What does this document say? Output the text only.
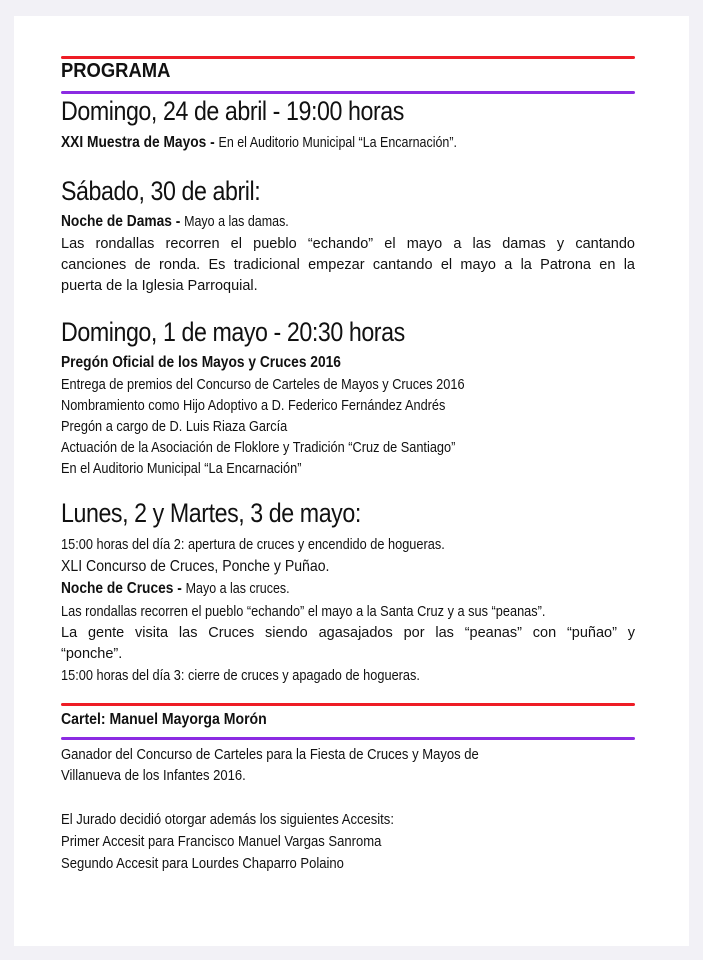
PROGRAMA
Domingo, 24 de abril - 19:00 horas
XXI Muestra de Mayos - En el Auditorio Municipal “La Encarnación”.
Sábado, 30 de abril:
Noche de Damas - Mayo a las damas.
Las rondallas recorren el pueblo “echando” el mayo a las damas y cantando
canciones de ronda. Es tradicional empezar cantando el mayo a la Patrona en la
puerta de la Iglesia Parroquial.
Domingo, 1 de mayo - 20:30 horas
Pregón Oficial de los Mayos y Cruces 2016
Entrega de premios del Concurso de Carteles de Mayos y Cruces 2016
Nombramiento como Hijo Adoptivo a D. Federico Fernández Andrés
Pregón a cargo de D. Luis Riaza García
Actuación de la Asociación de Floklore y Tradición “Cruz de Santiago”
En el Auditorio Municipal “La Encarnación”
Lunes, 2 y Martes, 3 de mayo:
15:00 horas del día 2: apertura de cruces y encendido de hogueras.
XLI Concurso de Cruces, Ponche y Puñao.
Noche de Cruces - Mayo a las cruces.
Las rondallas recorren el pueblo “echando” el mayo a la Santa Cruz y a sus “peanas”.
La gente visita las Cruces siendo agasajados por las “peanas” con “puñao” y
“ponche”.
15:00 horas del día 3: cierre de cruces y apagado de hogueras.
Cartel: Manuel Mayorga Morón
Ganador del Concurso de Carteles para la Fiesta de Cruces y Mayos de
Villanueva de los Infantes 2016.
El Jurado decidió otorgar además los siguientes Accesits:
Primer Accesit para Francisco Manuel Vargas Sanroma
Segundo Accesit para Lourdes Chaparro Polaino
